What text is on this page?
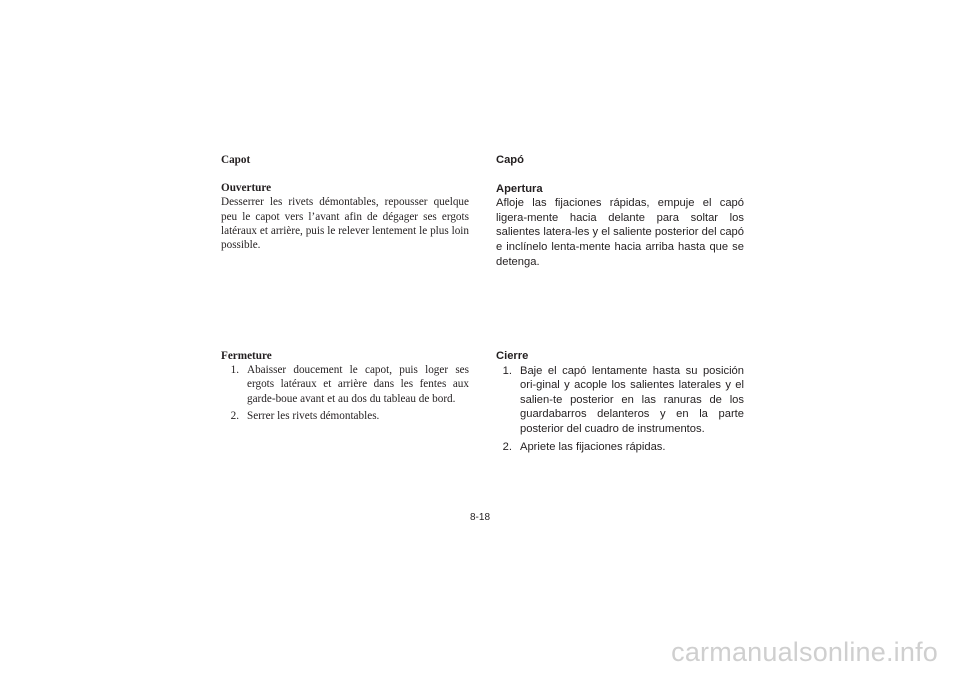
Capot

Ouverture

Desserrer les rivets démontables, repousser quelque peu le capot vers l’avant afin de dégager ses ergots latéraux et arrière, puis le relever lentement le plus loin possible.

Fermeture

1. Abaisser doucement le capot, puis loger ses ergots latéraux et arrière dans les fentes aux garde-boue avant et au dos du tableau de bord.
2. Serrer les rivets démontables.

Capó

Apertura

Afloje las fijaciones rápidas, empuje el capó ligera-mente hacia delante para soltar los salientes latera-les y el saliente posterior del capó e inclínelo lenta-mente hacia arriba hasta que se detenga.

Cierre

1. Baje el capó lentamente hasta su posición ori-ginal y acople los salientes laterales y el salien-te posterior en las ranuras de los guardabarros delanteros y en la parte posterior del cuadro de instrumentos.
2. Apriete las fijaciones rápidas.
8-18
carmanualsonline.info
